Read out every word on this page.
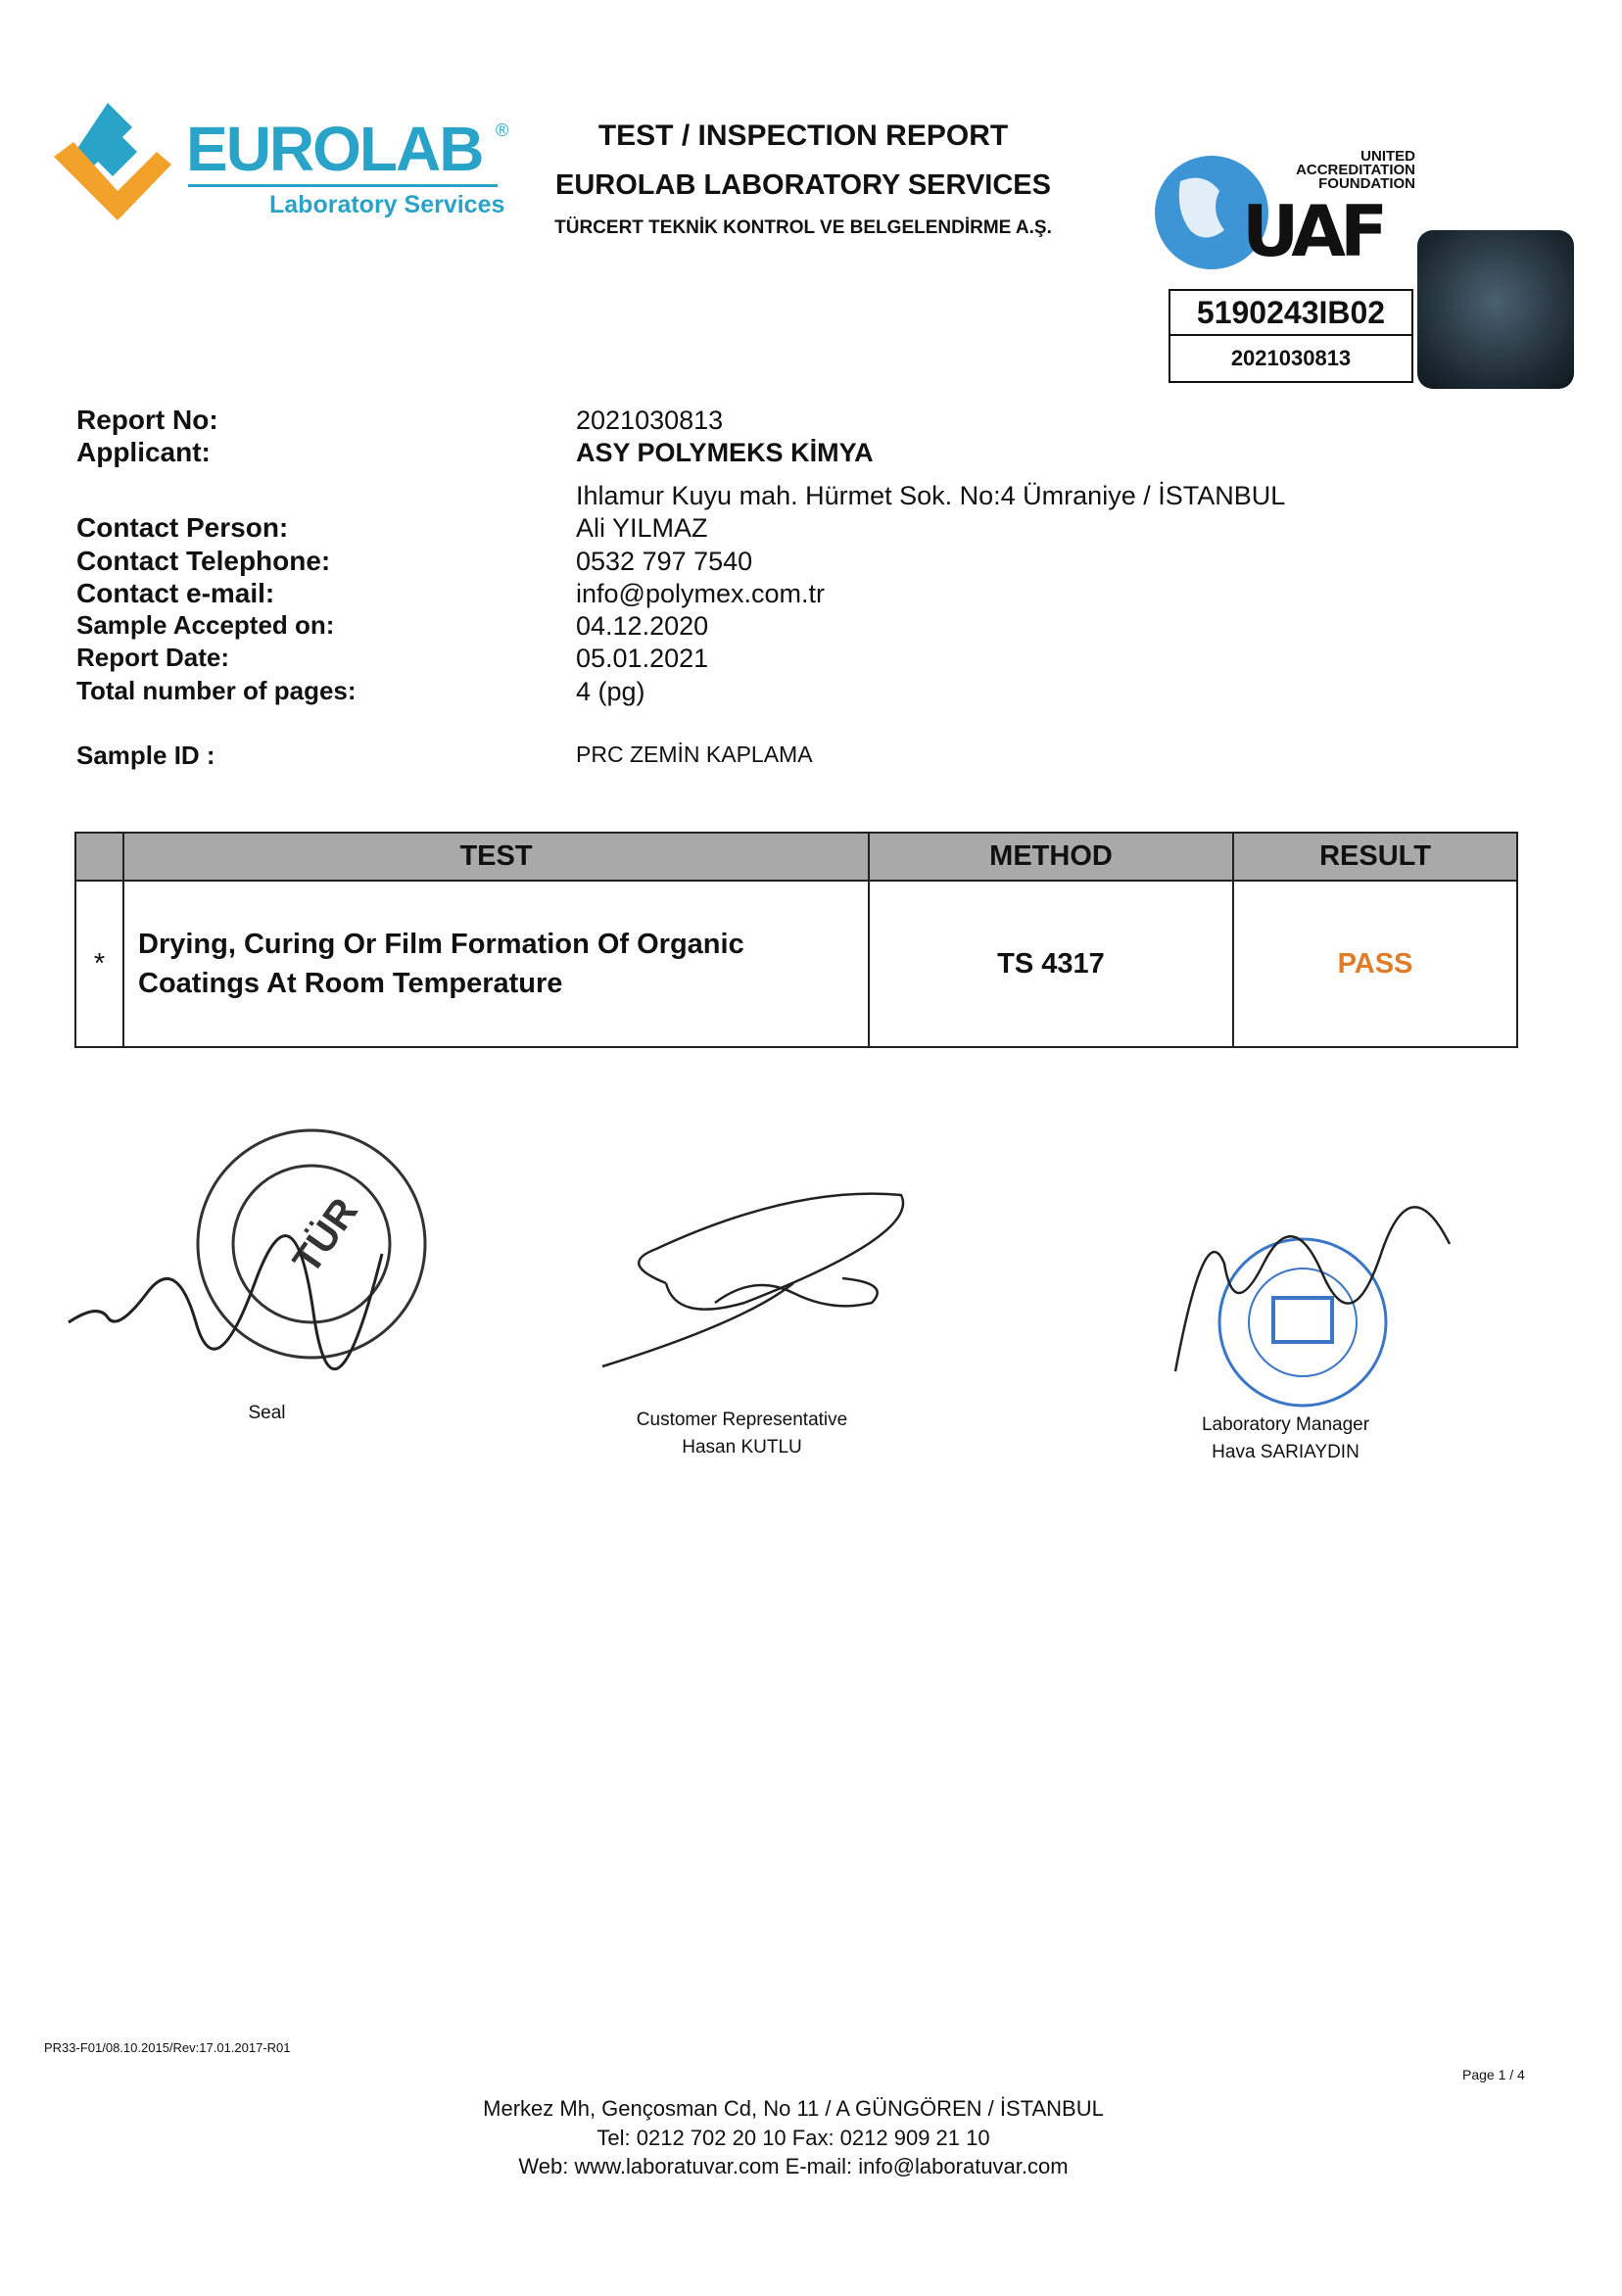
EUROLAB ®
Laboratory Services
TEST / INSPECTION REPORT
EUROLAB LABORATORY SERVICES
TÜRCERT TEKNİK KONTROL VE BELGELENDİRME A.Ş.
UNITED
ACCREDITATION
FOUNDATION
UAF
5190243IB02
2021030813
Report No:	2021030813
Applicant:	ASY POLYMEKS KİMYA
Ihlamur Kuyu mah. Hürmet Sok. No:4 Ümraniye / İSTANBUL
Contact Person:	Ali YILMAZ
Contact Telephone:	0532 797 7540
Contact e-mail:	info@polymex.com.tr
Sample Accepted on:	04.12.2020
Report Date:	05.01.2021
Total number of pages:	4 (pg)
Sample ID :	PRC ZEMİN KAPLAMA
	TEST	METHOD	RESULT
*	Drying, Curing Or Film Formation Of Organic
Coatings At Room Temperature	TS 4317	PASS
TÜR
Seal	Customer Representative
Hasan KUTLU
Laboratory Manager
Hava SARIAYDIN
PR33-F01/08.10.2015/Rev:17.01.2017-R01
Page 1 / 4
Merkez Mh, Gençosman Cd, No 11 / A GÜNGÖREN / İSTANBUL
Tel: 0212 702 20 10 Fax: 0212 909 21 10
Web: www.laboratuvar.com E-mail: info@laboratuvar.com
